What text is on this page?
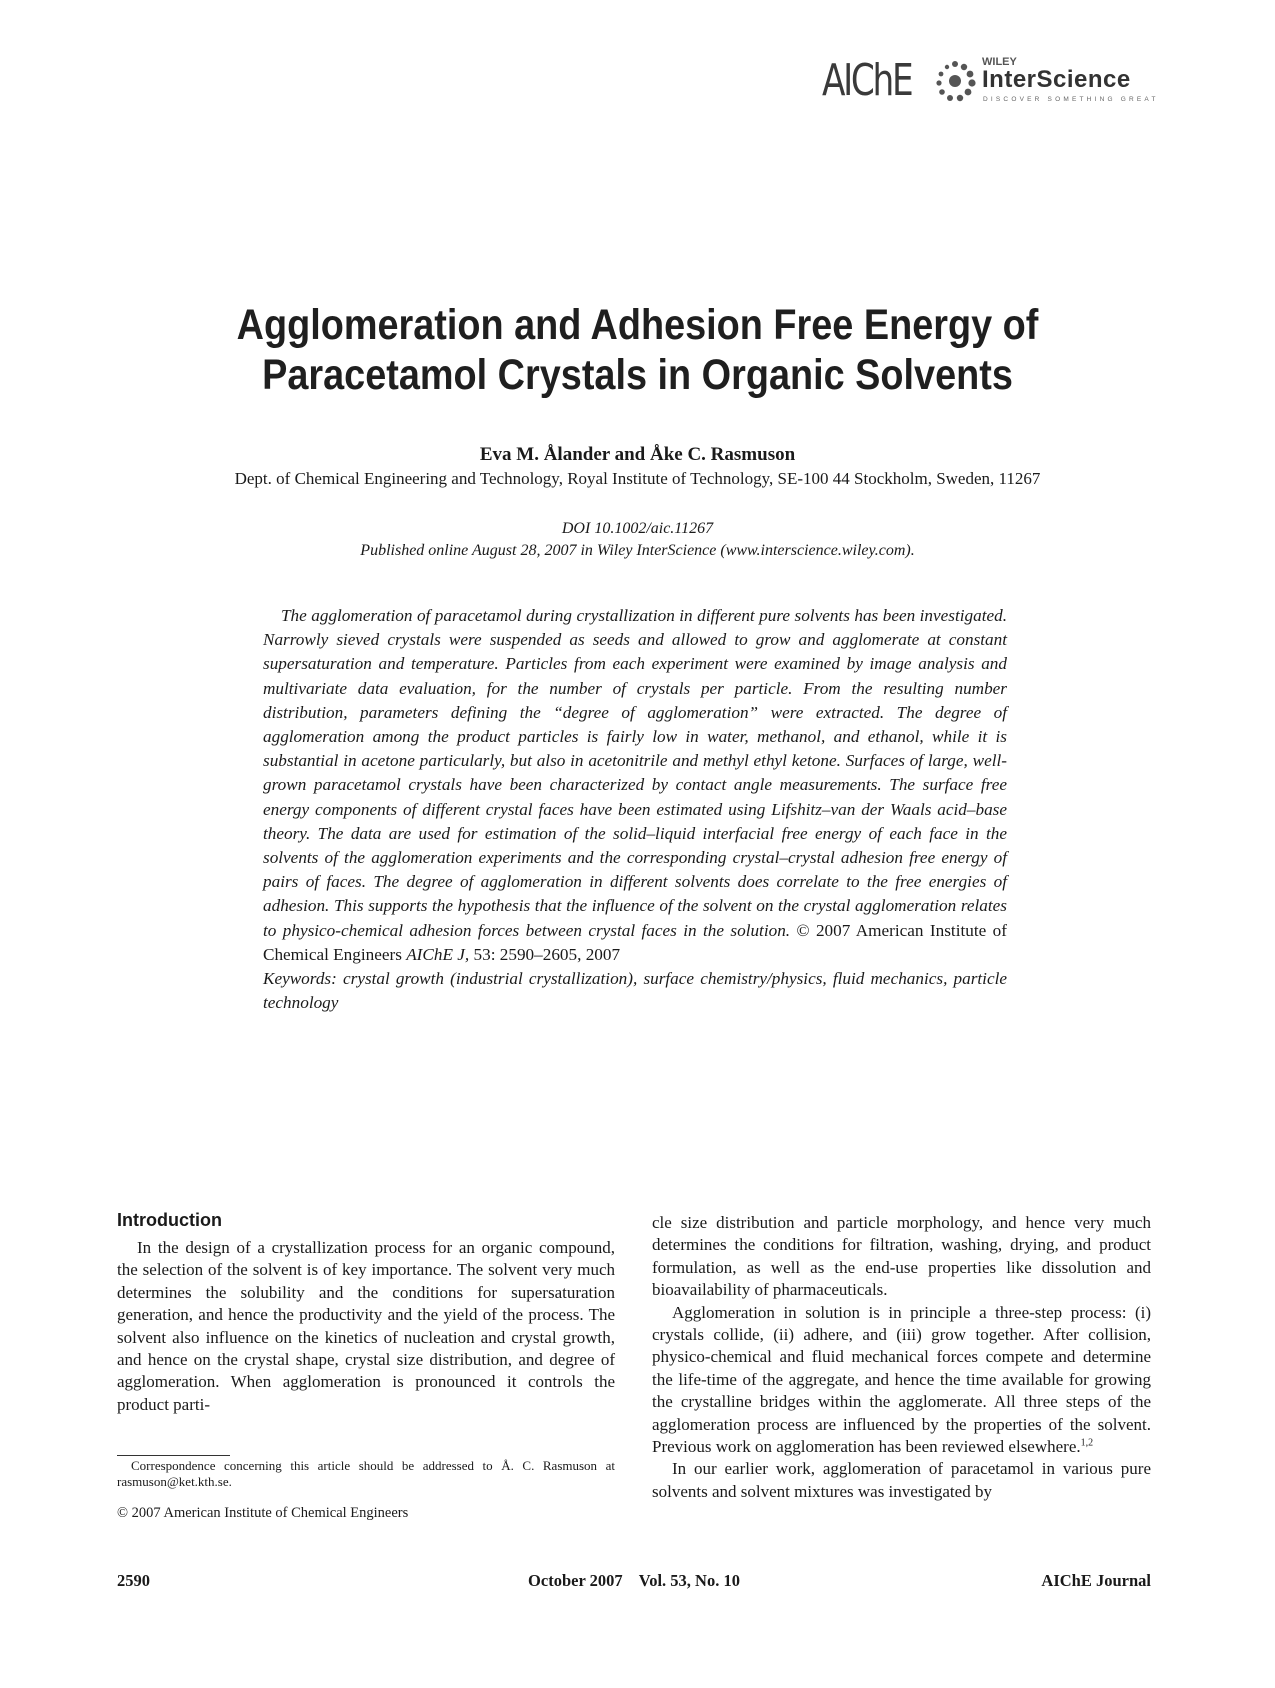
AIChE	WILEY
InterScience
DISCOVER SOMETHING GREAT
Agglomeration and Adhesion Free Energy of
Paracetamol Crystals in Organic Solvents
Eva M. Ålander and Åke C. Rasmuson
Dept. of Chemical Engineering and Technology, Royal Institute of Technology, SE-100 44 Stockholm, Sweden, 11267
DOI 10.1002/aic.11267
Published online August 28, 2007 in Wiley InterScience (www.interscience.wiley.com).

The agglomeration of paracetamol during crystallization in different pure solvents has been investigated. Narrowly sieved crystals were suspended as seeds and allowed to grow and agglomerate at constant supersaturation and temperature. Particles from each experiment were examined by image analysis and multivariate data evaluation, for the number of crystals per particle. From the resulting number distribution, parameters defining the “degree of agglomeration” were extracted. The degree of agglomeration among the product particles is fairly low in water, methanol, and ethanol, while it is substantial in acetone particularly, but also in acetonitrile and methyl ethyl ketone. Surfaces of large, well-grown paracetamol crystals have been characterized by contact angle measurements. The surface free energy components of different crystal faces have been estimated using Lifshitz–van der Waals acid–base theory. The data are used for estimation of the solid–liquid interfacial free energy of each face in the solvents of the agglomeration experiments and the corresponding crystal–crystal adhesion free energy of pairs of faces. The degree of agglomeration in different solvents does correlate to the free energies of adhesion. This supports the hypothesis that the influence of the solvent on the crystal agglomeration relates to physico-chemical adhesion forces between crystal faces in the solution. © 2007 American Institute of Chemical Engineers AIChE J, 53: 2590–2605, 2007

Keywords: crystal growth (industrial crystallization), surface chemistry/physics, fluid mechanics, particle technology

Introduction

In the design of a crystallization process for an organic compound, the selection of the solvent is of key importance. The solvent very much determines the solubility and the conditions for supersaturation generation, and hence the productivity and the yield of the process. The solvent also influence on the kinetics of nucleation and crystal growth, and hence on the crystal shape, crystal size distribution, and degree of agglomeration. When agglomeration is pronounced it controls the product parti-

cle size distribution and particle morphology, and hence very much determines the conditions for filtration, washing, drying, and product formulation, as well as the end-use properties like dissolution and bioavailability of pharmaceuticals.

Agglomeration in solution is in principle a three-step process: (i) crystals collide, (ii) adhere, and (iii) grow together. After collision, physico-chemical and fluid mechanical forces compete and determine the life-time of the aggregate, and hence the time available for growing the crystalline bridges within the agglomerate. All three steps of the agglomeration process are influenced by the properties of the solvent. Previous work on agglomeration has been reviewed elsewhere.$^{1,2}$

In our earlier work, agglomeration of paracetamol in various pure solvents and solvent mixtures was investigated by

Correspondence concerning this article should be addressed to Å. C. Rasmuson at rasmuson@ket.kth.se.
© 2007 American Institute of Chemical Engineers
2590	October 2007    Vol. 53, No. 10	AIChE Journal
